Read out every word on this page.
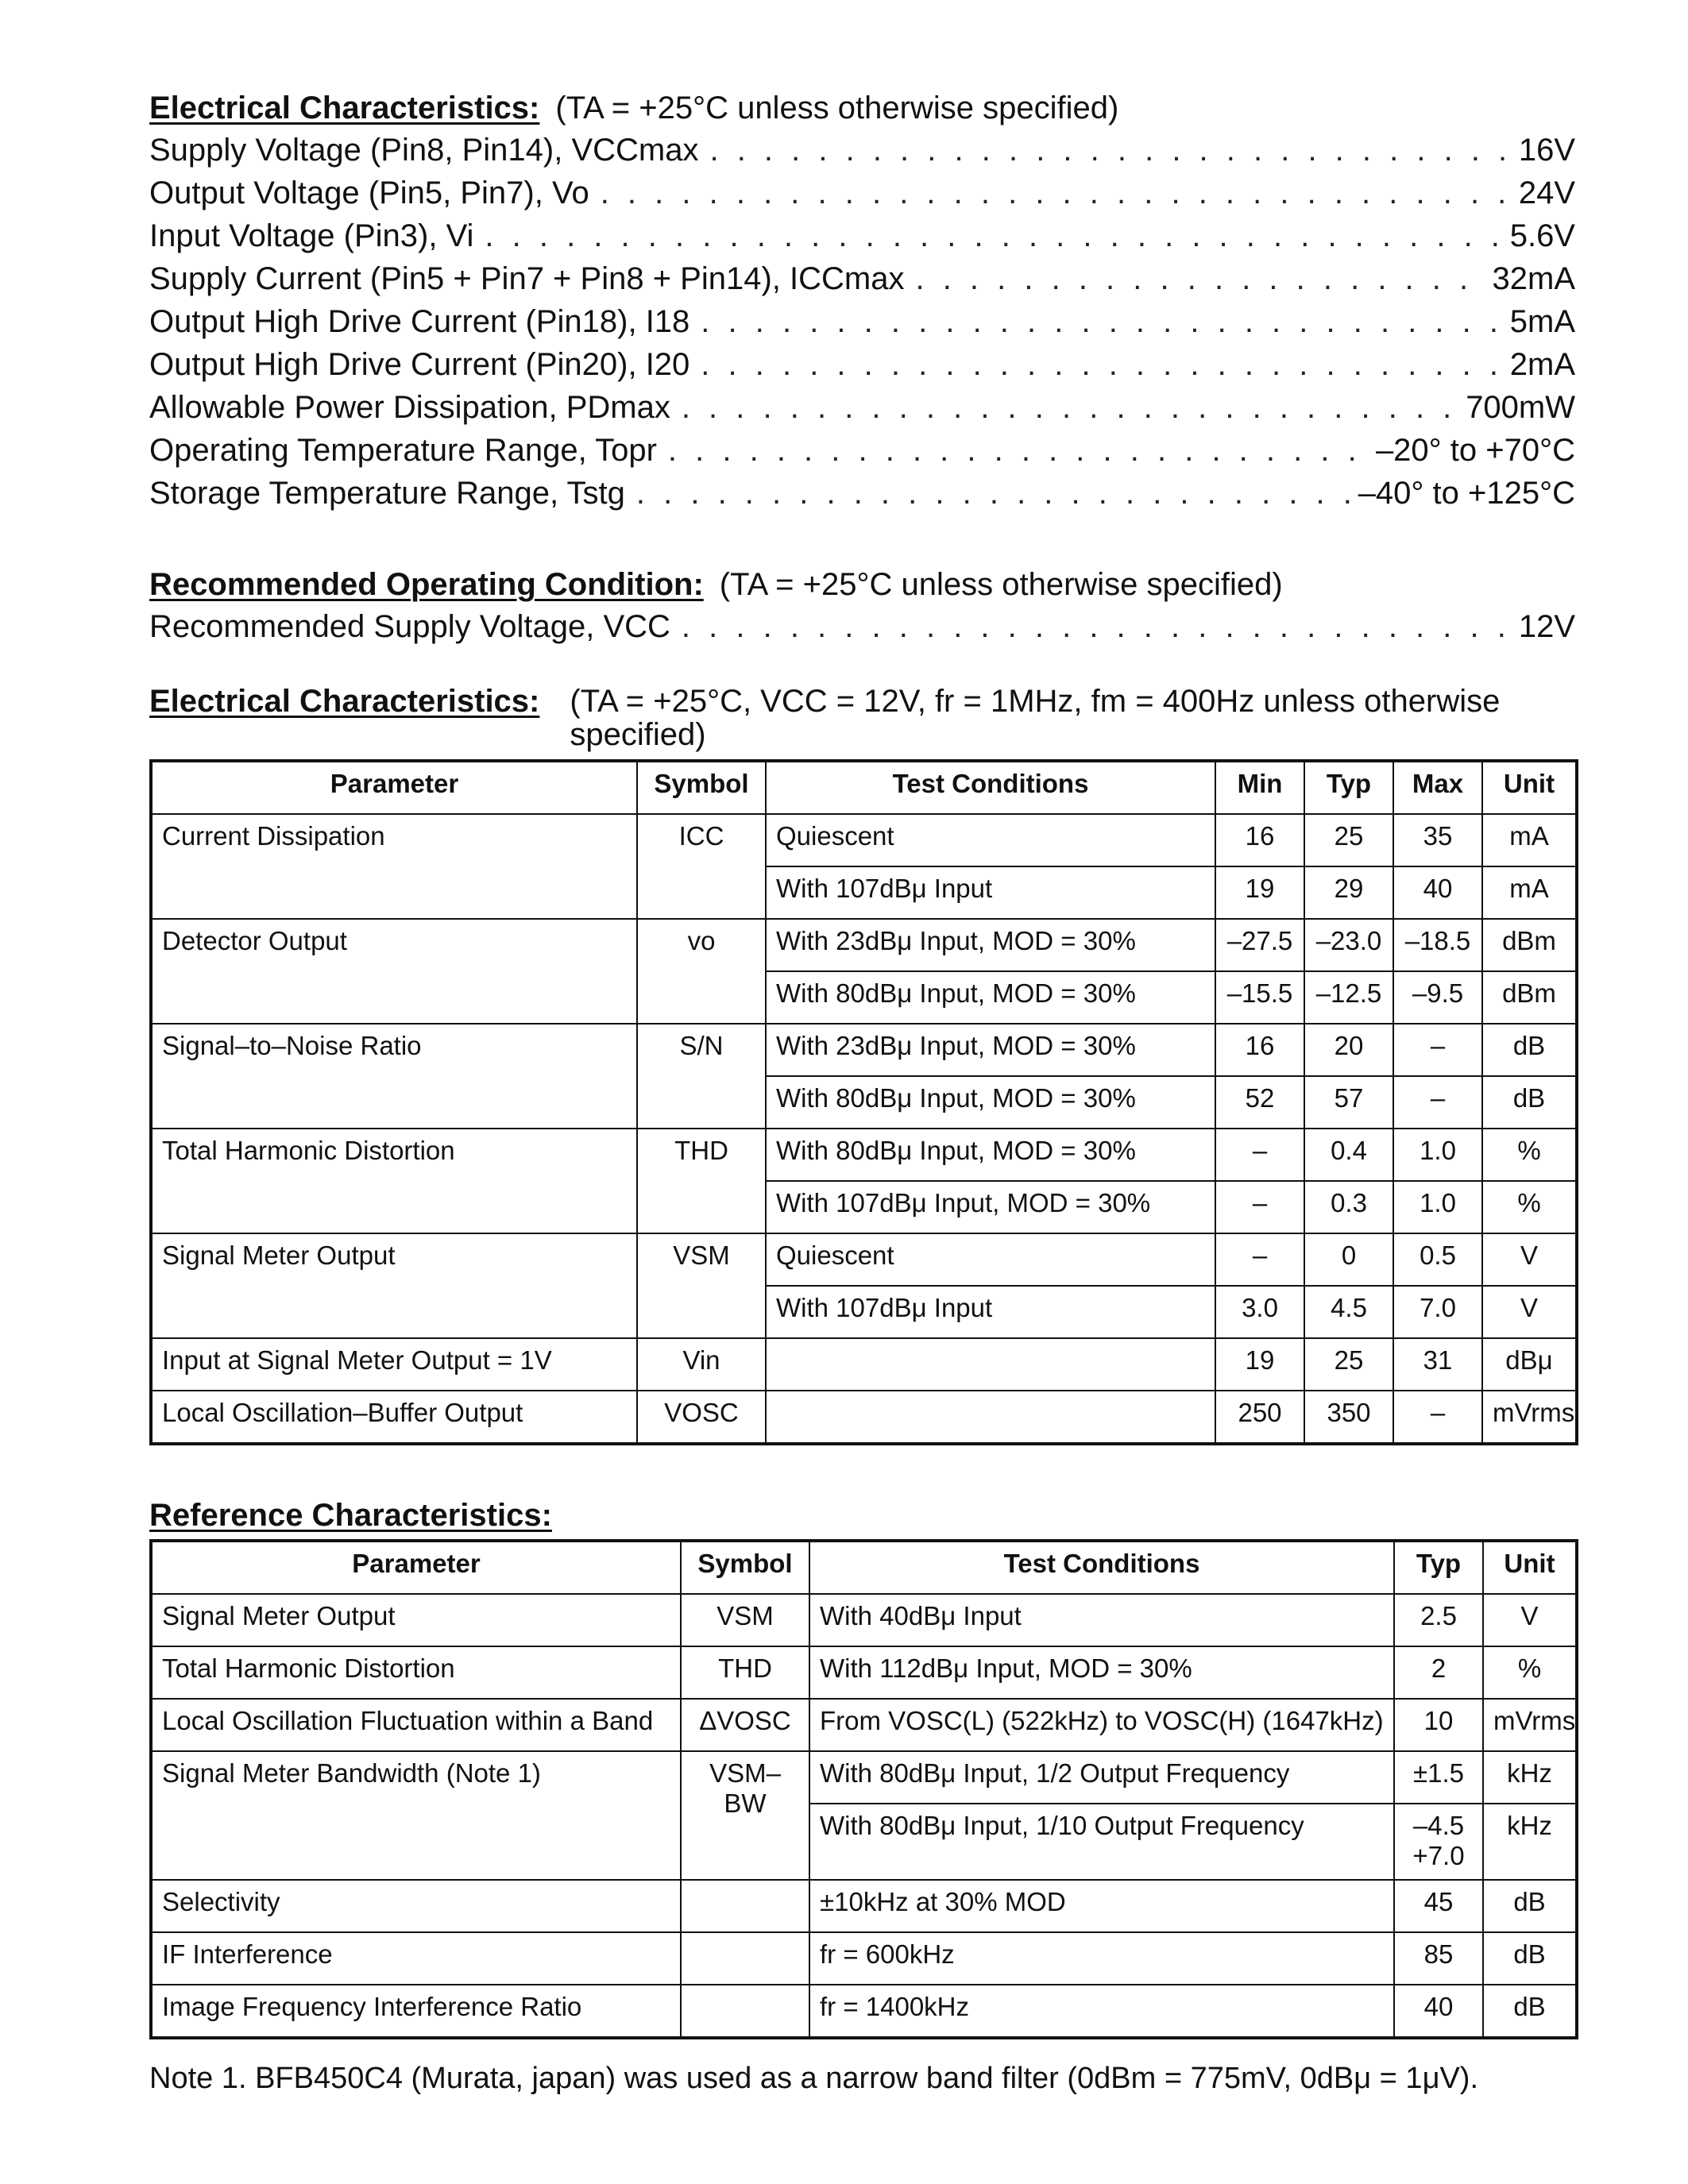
Electrical Characteristics: (TA = +25°C unless otherwise specified)
Supply Voltage (Pin8, Pin14), VCCmax . . .	16V
Output Voltage (Pin5, Pin7), Vo . . .	24V
Input Voltage (Pin3), Vi . . .	5.6V
Supply Current (Pin5 + Pin7 + Pin8 + Pin14), ICCmax . . .	32mA
Output High Drive Current (Pin18), I18 . . .	5mA
Output High Drive Current (Pin20), I20 . . .	2mA
Allowable Power Dissipation, PDmax . . .	700mW
Operating Temperature Range, Topr . . .	–20° to +70°C
Storage Temperature Range, Tstg . . .	–40° to +125°C
Recommended Operating Condition: (TA = +25°C unless otherwise specified)
Recommended Supply Voltage, VCC . . .	12V
Electrical Characteristics: (TA = +25°C, VCC = 12V, fr = 1MHz, fm = 400Hz unless otherwise specified)
Parameter	Symbol	Test Conditions	Min	Typ	Max	Unit
Current Dissipation	ICC	Quiescent	16	25	35	mA
		With 107dBμ Input	19	29	40	mA
Detector Output	vo	With 23dBμ Input, MOD = 30%	–27.5	–23.0	–18.5	dBm
		With 80dBμ Input, MOD = 30%	–15.5	–12.5	–9.5	dBm
Signal–to–Noise Ratio	S/N	With 23dBμ Input, MOD = 30%	16	20	–	dB
		With 80dBμ Input, MOD = 30%	52	57	–	dB
Total Harmonic Distortion	THD	With 80dBμ Input, MOD = 30%	–	0.4	1.0	%
		With 107dBμ Input, MOD = 30%	–	0.3	1.0	%
Signal Meter Output	VSM	Quiescent	–	0	0.5	V
		With 107dBμ Input	3.0	4.5	7.0	V
Input at Signal Meter Output = 1V	Vin		19	25	31	dBμ
Local Oscillation–Buffer Output	VOSC		250	350	–	mVrms
Reference Characteristics:
Parameter	Symbol	Test Conditions	Typ	Unit
Signal Meter Output	VSM	With 40dBμ Input	2.5	V
Total Harmonic Distortion	THD	With 112dBμ Input, MOD = 30%	2	%
Local Oscillation Fluctuation within a Band	ΔVOSC	From VOSC(L) (522kHz) to VOSC(H) (1647kHz)	10	mVrms
Signal Meter Bandwidth (Note 1)	VSM–BW	With 80dBμ Input, 1/2 Output Frequency	±1.5	kHz
		With 80dBμ Input, 1/10 Output Frequency	–4.5 +7.0	kHz
Selectivity		±10kHz at 30% MOD	45	dB
IF Interference		fr = 600kHz	85	dB
Image Frequency Interference Ratio		fr = 1400kHz	40	dB
Note 1. BFB450C4 (Murata, japan) was used as a narrow band filter (0dBm = 775mV, 0dBμ = 1μV).
